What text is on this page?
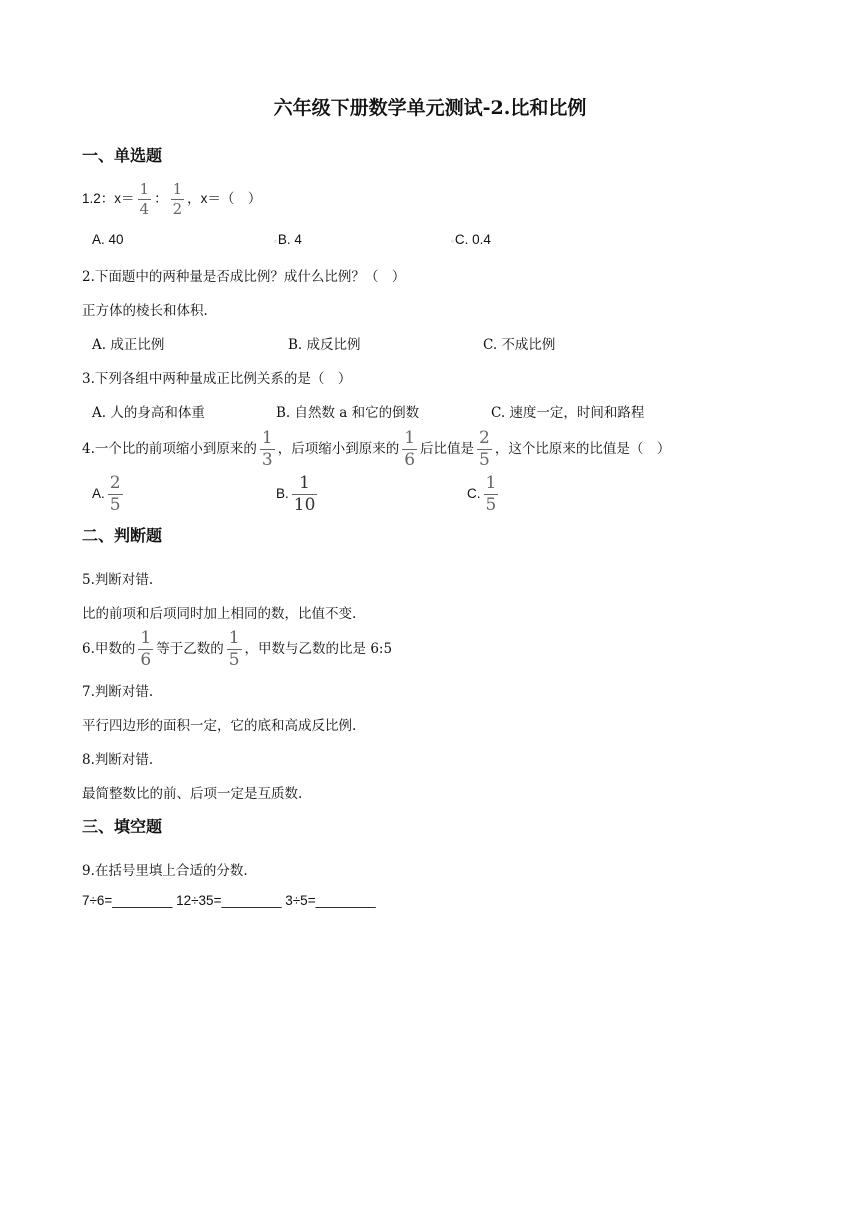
六年级下册数学单元测试-2.比和比例
一、单选题
1.2：$x= \frac{1}{4}$ ： $\frac{1}{2}$ ，x＝（　）
A. 40	▫B. 4	▫C. 0.4
2.下面题中的两种量是否成比例？成什么比例？（　）
正方体的棱长和体积.
A. 成正比例	B. 成反比例	C. 不成比例
3.下列各组中两种量成正比例关系的是（　）
A. 人的身高和体重	B. 自然数 a 和它的倒数	C. 速度一定，时间和路程
4.一个比的前项缩小到原来的 $\frac{1}{3}$ ，后项缩小到原来的 $\frac{1}{6}$ 后比值是 $\frac{2}{5}$ ，这个比原来的比值是（　）
A. $\frac{2}{5}$	B. $\frac{1}{10}$	C. $\frac{1}{5}$
二、判断题
5.判断对错.
比的前项和后项同时加上相同的数，比值不变.
6.甲数的 $\frac{1}{6}$ 等于乙数的 $\frac{1}{5}$ ，甲数与乙数的比是 6:5
7.判断对错.
平行四边形的面积一定，它的底和高成反比例.
8.判断对错.
最简整数比的前、后项一定是互质数.
三、填空题
9.在括号里填上合适的分数.
7÷6=________ 12÷35=________ 3÷5=________
